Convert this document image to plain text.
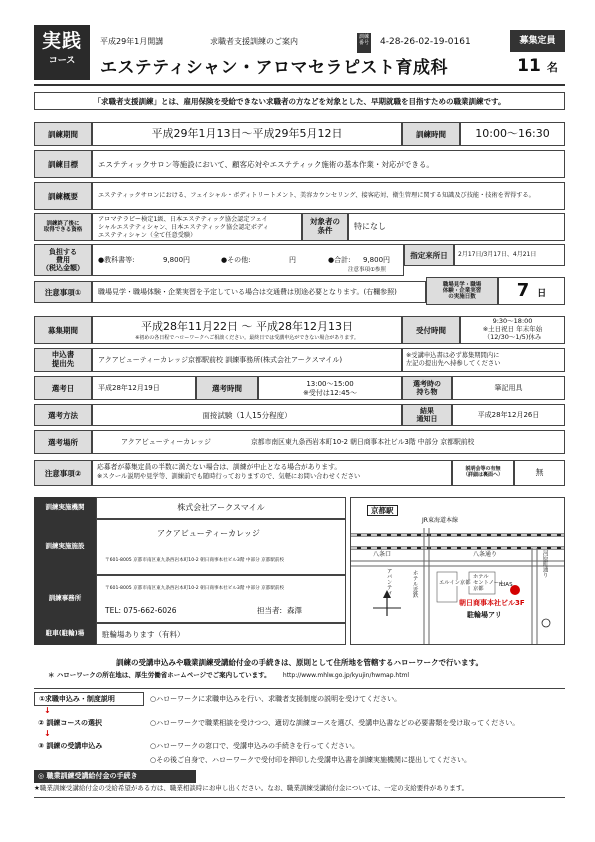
実践
コース
平成29年1月開講	求職者支援訓練のご案内	訓練番号 4-28-26-02-19-0161
エステティシャン・アロマセラピスト育成科
募集定員
11 名
「求職者支援訓練」とは、雇用保険を受給できない求職者の方などを対象とした、早期就職を目指すための職業訓練です。
訓練期間	平成29年1月13日～平成29年5月12日	訓練時間	10:00～16:30
訓練目標	エステティックサロン等施設において、顧客応対やエステティック施術の基本作業・対応ができる。
訓練概要	エステティックサロンにおける、フェイシャル・ボディトリートメント、美容カウンセリング、接客応対、衛生管理に関する知識及び技能・技術を習得する。
訓練終了後に
取得できる資格
アロマテラピー検定1級、日本エステティック協会認定フェイ
シャルエステティシャン、日本エステティック協会認定ボディ
エステティシャン（全て任意受験）
対象者の
条件	特になし
負担する
費用
（税込金額）
●教科書等:	9,800円	●その他:	円	●合計: 9,800円
注意事項①参照
指定来所日 2月17日/3月17日、4月21日
注意事項① 職場見学・職場体験・企業実習を予定している場合は交通費は別途必要となります。(右欄参照)
職場見学・職場
体験・企業実習
の実施日数 7 日
募集期間	平成28年11月22日 ～ 平成28年12月13日
※初めの各日程でハローワークへご相談ください。最終日では受講申込ができない場合があります。
受付時間
9:30～18:00
※土日祝日 年末年始
（12/30～1/5)休み
申込書
提出先	アクアビューティーカレッジ京都駅前校 訓練事務所(株式会社アークスマイル)
※受講申込書は必ず募集期間内に
左記の提出先へ持参してください
選考日	平成28年12月19日	選考時間	13:00～15:00
※受付は12:45～
選考時の
持ち物
筆記用具
選考方法	面接試験（1人15分程度）	結果
通知日
平成28年12月26日
選考場所	アクアビューティーカレッジ	京都市南区東九条西岩本町10-2 朝日商事本社ビル3階 中部分 京都駅前校
注意事項②
応募者が募集定員の半数に満たない場合は、訓練が中止となる場合があります。
※スクール説明や見学等、訓練前でも随時行っておりますので、気軽にお問い合わせください
説明会等の有無
（詳細は裏面へ）	無
訓練実施機関	株式会社アークスマイル
訓練実施施設
アクアビューティーカレッジ
〒601-8005 京都市南区東九条西岩本町10-2 朝日商事本社ビル3階 中部分 京都駅前校
訓練事務所
〒601-8005 京都市南区東九条西岩本町10-2 朝日商事本社ビル3階 中部分 京都駅前校
TEL: 075-662-6026	担当者: 森澤
駐車(駐輪)場 駐輪場あります（有料）
京都駅
JR東海道本線
八条口	八条通り
アバンティ	ホテル近鉄	エルイン京都
ホテル
セントノーム
京都
河原町通り
ILIAS
朝日商事本社ビル3F
駐輪場アリ
訓練の受講申込みや職業訓練受講給付金の手続きは、原則として住所地を管轄するハローワークで行います。
＊ ハローワークの所在地は、厚生労働省ホームページでご案内しています。 http://www.mhlw.go.jp/kyujin/hwmap.html
①求職申込み・制度説明	○ハローワークに求職申込みを行い、求職者支援制度の説明を受けてください。
↓
② 訓練コースの選択	○ハローワークで職業相談を受けつつ、適切な訓練コースを選び、受講申込書などの必要書類を受け取ってください。
↓
③ 訓練の受講申込み	○ハローワークの窓口で、受講申込みの手続きを行ってください。
○その後ご自身で、ハローワークで受付印を押印した受講申込書を訓練実施機関に提出してください。
◎ 職業訓練受講給付金の手続き
★職業訓練受講給付金の受給希望がある方は、職業相談時にお申し出ください。なお、職業訓練受講給付金については、一定の支給要件があります。
